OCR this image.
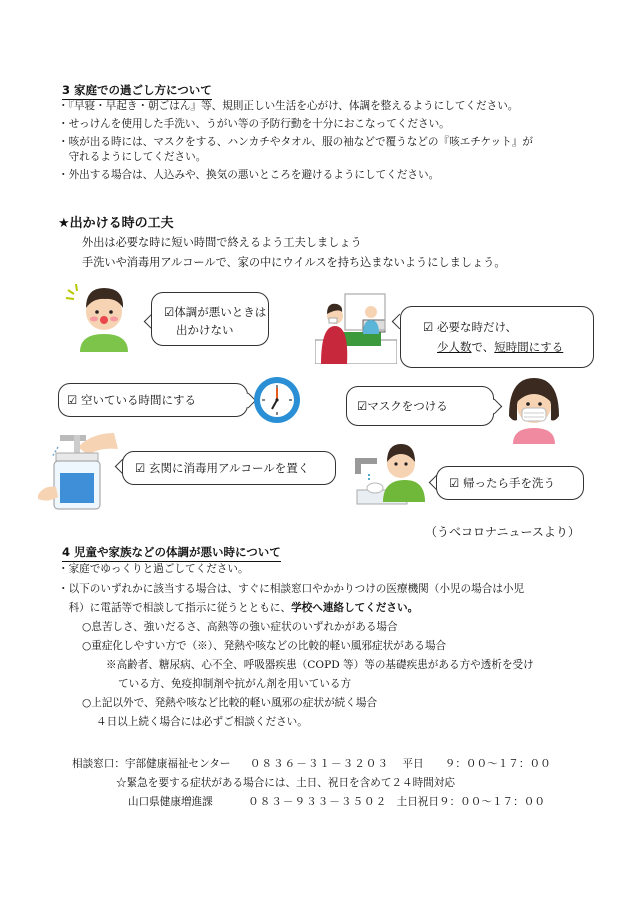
3 家庭での過ごし方について
・『早寝・早起き・朝ごはん』等、規則正しい生活を心がけ、体調を整えるようにしてください。
・せっけんを使用した手洗い、うがい等の予防行動を十分におこなってください。
・咳が出る時には、マスクをする、ハンカチやタオル、服の袖などで覆うなどの『咳エチケット』が
　守れるようにしてください。
・外出する場合は、人込みや、換気の悪いところを避けるようにしてください。
★出かける時の工夫
外出は必要な時に短い時間で終えるよう工夫しましょう
手洗いや消毒用アルコールで、家の中にウイルスを持ち込まないようにしましょう。
☑体調が悪いときは
出かけない	☑ 必要な時だけ、
少人数で、短時間にする
☑ 空いている時間にする	☑マスクをつける
☑ 玄関に消毒用アルコールを置く
☑ 帰ったら手を洗う
（うべコロナニュースより）
4 児童や家族などの体調が悪い時について
・家庭でゆっくりと過ごしてください。
・以下のいずれかに該当する場合は、すぐに相談窓口やかかりつけの医療機関（小児の場合は小児
　科）に電話等で相談して指示に従うとともに、学校へ連絡してください。
○息苦しさ、強いだるさ、高熱等の強い症状のいずれかがある場合
○重症化しやすい方で（※）、発熱や咳などの比較的軽い風邪症状がある場合
※高齢者、糖尿病、心不全、呼吸器疾患（COPD 等）等の基礎疾患がある方や透析を受け
ている方、免疫抑制剤や抗がん剤を用いている方
○上記以外で、発熱や咳など比較的軽い風邪の症状が続く場合
４日以上続く場合には必ずご相談ください。
相談窓口：宇部健康福祉センター ０８３６－３１－３２０３ 平日　　９：００～１７：００
☆緊急を要する症状がある場合には、土日、祝日を含めて２４時間対応
山口県健康増進課	０８３－９３３－３５０２ 土日祝日９：００～１７：００
